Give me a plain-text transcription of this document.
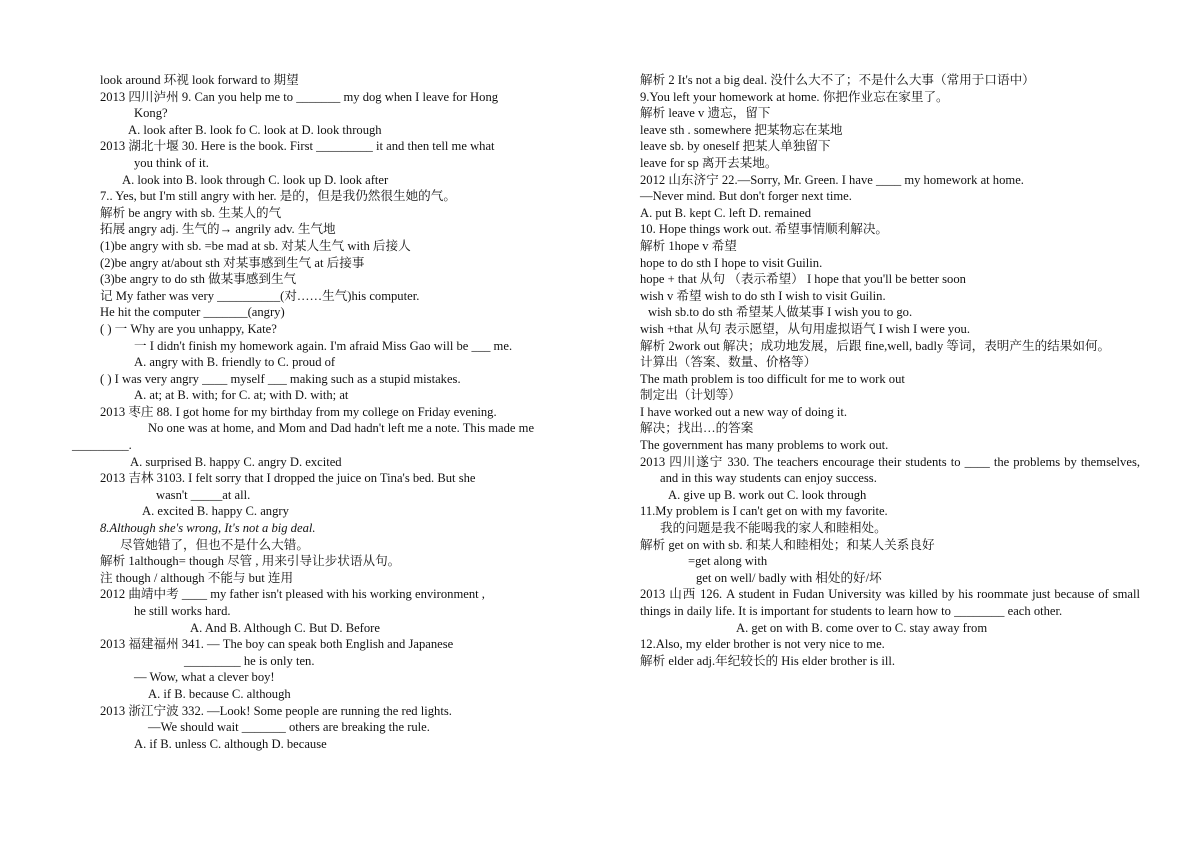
look around 环视 look forward to 期望
2013 四川泸州 9. Can you help me to _______ my dog when I leave for Hong
Kong?
A. look after B. look fo C. look at D. look through
2013 湖北十堰 30. Here is the book. First _________ it and then tell me what
you think of it.
A. look into B. look through C. look up D. look after
7.. Yes, but I'm still angry with her. 是的，但是我仍然很生她的气。
解析 be angry with sb. 生某人的气
拓展 angry adj. 生气的→ angrily adv. 生气地
(1)be angry with sb. =be mad at sb. 对某人生气 with 后接人
(2)be angry at/about sth 对某事感到生气 at 后接事
(3)be angry to do sth 做某事感到生气
记 My father was very __________(对……生气)his computer.
He hit the computer _______(angry)
( ) 一 Why are you unhappy, Kate?
一 I didn't finish my homework again. I'm afraid Miss Gao will be ___ me.
A. angry with B. friendly to C. proud of
( ) I was very angry ____ myself ___ making such as a stupid mistakes.
A. at; at B. with; for C. at; with D. with; at
2013 枣庄 88. I got home for my birthday from my college on Friday evening.
No one was at home, and Mom and Dad hadn't left me a note. This made me
_________.
A. surprised B. happy C. angry D. excited
2013 吉林 3103. I felt sorry that I dropped the juice on Tina's bed. But she
wasn't _____at all.
A. excited B. happy C. angry
8.Although she's wrong, It's not a big deal.
尽管她错了，但也不是什么大错。
解析 1although= though 尽管 , 用来引导让步状语从句。
注 though / although 不能与 but 连用
2012 曲靖中考 ____ my father isn't pleased with his working environment ,
he still works hard.
A. And B. Although C. But D. Before
2013 福建福州 341. — The boy can speak both English and Japanese
_________ he is only ten.
— Wow, what a clever boy!
A. if B. because C. although
2013 浙江宁波 332. —Look! Some people are running the red lights.
—We should wait _______ others are breaking the rule.
A. if B. unless C. although D. because
解析 2 It's not a big deal. 没什么大不了；不是什么大事（常用于口语中）
9.You left your homework at home. 你把作业忘在家里了。
解析 leave v 遗忘，留下
leave sth . somewhere 把某物忘在某地
leave sb. by oneself 把某人单独留下
leave for sp 离开去某地。
2012 山东济宁 22.—Sorry, Mr. Green. I have ____ my homework at home.
—Never mind. But don't forger next time.
A. put B. kept C. left D. remained
10. Hope things work out. 希望事情顺利解决。
解析 1hope v 希望
hope to do sth I hope to visit Guilin.
hope + that 从句 （表示希望） I hope that you'll be better soon
wish v 希望 wish to do sth I wish to visit Guilin.
wish sb.to do sth 希望某人做某事 I wish you to go.
wish +that 从句 表示愿望，从句用虚拟语气 I wish I were you.
解析 2work out 解决；成功地发展，后跟 fine,well, badly 等词，表明产生的结果如何。
计算出（答案、数量、价格等）
The math problem is too difficult for me to work out
制定出（计划等）
I have worked out a new way of doing it.
解决；找出…的答案
The government has many problems to work out.
2013 四川遂宁 330. The teachers encourage their students to ____ the problems by themselves, and in this way students can enjoy success.
A. give up B. work out C. look through
11.My problem is I can't get on with my favorite.
我的问题是我不能喝我的家人和睦相处。
解析 get on with sb. 和某人和睦相处；和某人关系良好
=get along with
get on well/ badly with 相处的好/坏
2013 山西 126. A student in Fudan University was killed by his roommate just because of small things in daily life. It is important for students to learn how to ________ each other.
A. get on with B. come over to C. stay away from
12.Also, my elder brother is not very nice to me.
解析 elder adj.年纪较长的 His elder brother is ill.
